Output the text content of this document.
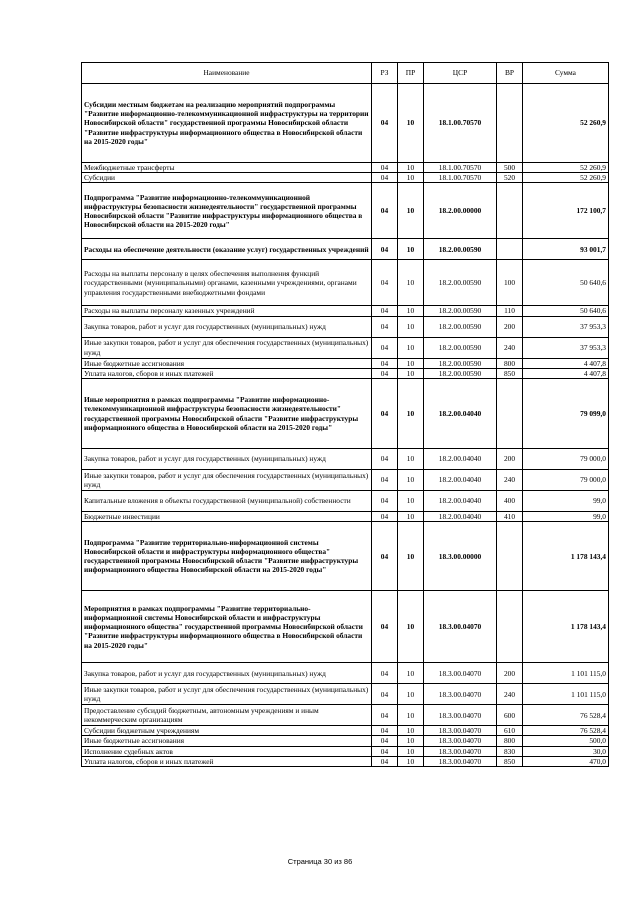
Наименование	РЗ	ПР	ЦСР	ВР	Сумма
Субсидии местным бюджетам на реализацию мероприятий подпрограммы "Развитие информационно-телекоммуникационной инфраструктуры на территории Новосибирской области" государственной программы Новосибирской области "Развитие инфраструктуры информационного общества в Новосибирской области на 2015-2020 годы"	04	10	18.1.00.70570		52 260,9
Межбюджетные трансферты	04	10	18.1.00.70570	500	52 260,9
Субсидии	04	10	18.1.00.70570	520	52 260,9
Подпрограмма "Развитие информационно-телекоммуникационной инфраструктуры безопасности жизнедеятельности" государственной программы Новосибирской области "Развитие инфраструктуры информационного общества в Новосибирской области на 2015-2020 годы"	04	10	18.2.00.00000		172 100,7
Расходы на обеспечение деятельности (оказание услуг) государственных учреждений	04	10	18.2.00.00590		93 001,7
Расходы на выплаты персоналу в целях обеспечения выполнения функций государственными (муниципальными) органами, казенными учреждениями, органами управления государственными внебюджетными фондами	04	10	18.2.00.00590	100	50 640,6
Расходы на выплаты персоналу казенных учреждений	04	10	18.2.00.00590	110	50 640,6
Закупка товаров, работ и услуг для государственных (муниципальных) нужд	04	10	18.2.00.00590	200	37 953,3
Иные закупки товаров, работ и услуг для обеспечения государственных (муниципальных) нужд	04	10	18.2.00.00590	240	37 953,3
Иные бюджетные ассигнования	04	10	18.2.00.00590	800	4 407,8
Уплата налогов, сборов и иных платежей	04	10	18.2.00.00590	850	4 407,8
Иные мероприятия в рамках подпрограммы "Развитие информационно-телекоммуникационной инфраструктуры безопасности жизнедеятельности" государственной программы Новосибирской области "Развитие инфраструктуры информационного общества в Новосибирской области на 2015-2020 годы"	04	10	18.2.00.04040		79 099,0
Закупка товаров, работ и услуг для государственных (муниципальных) нужд	04	10	18.2.00.04040	200	79 000,0
Иные закупки товаров, работ и услуг для обеспечения государственных (муниципальных) нужд	04	10	18.2.00.04040	240	79 000,0
Капитальные вложения в объекты государственной (муниципальной) собственности	04	10	18.2.00.04040	400	99,0
Бюджетные инвестиции	04	10	18.2.00.04040	410	99,0
Подпрограмма "Развитие территориально-информационной системы Новосибирской области и инфраструктуры информационного общества" государственной программы Новосибирской области "Развитие инфраструктуры информационного общества Новосибирской области на 2015-2020 годы"	04	10	18.3.00.00000		1 178 143,4
Мероприятия в рамках подпрограммы "Развитие территориально-информационной системы Новосибирской области и инфраструктуры информационного общества" государственной программы Новосибирской области "Развитие инфраструктуры информационного общества в Новосибирской области на 2015-2020 годы"	04	10	18.3.00.04070		1 178 143,4
Закупка товаров, работ и услуг для государственных (муниципальных) нужд	04	10	18.3.00.04070	200	1 101 115,0
Иные закупки товаров, работ и услуг для обеспечения государственных (муниципальных) нужд	04	10	18.3.00.04070	240	1 101 115,0
Предоставление субсидий бюджетным, автономным учреждениям и иным некоммерческим организациям	04	10	18.3.00.04070	600	76 528,4
Субсидии бюджетным учреждениям	04	10	18.3.00.04070	610	76 528,4
Иные бюджетные ассигнования	04	10	18.3.00.04070	800	500,0
Исполнение судебных актов	04	10	18.3.00.04070	830	30,0
Уплата налогов, сборов и иных платежей	04	10	18.3.00.04070	850	470,0
Страница 30 из 86
